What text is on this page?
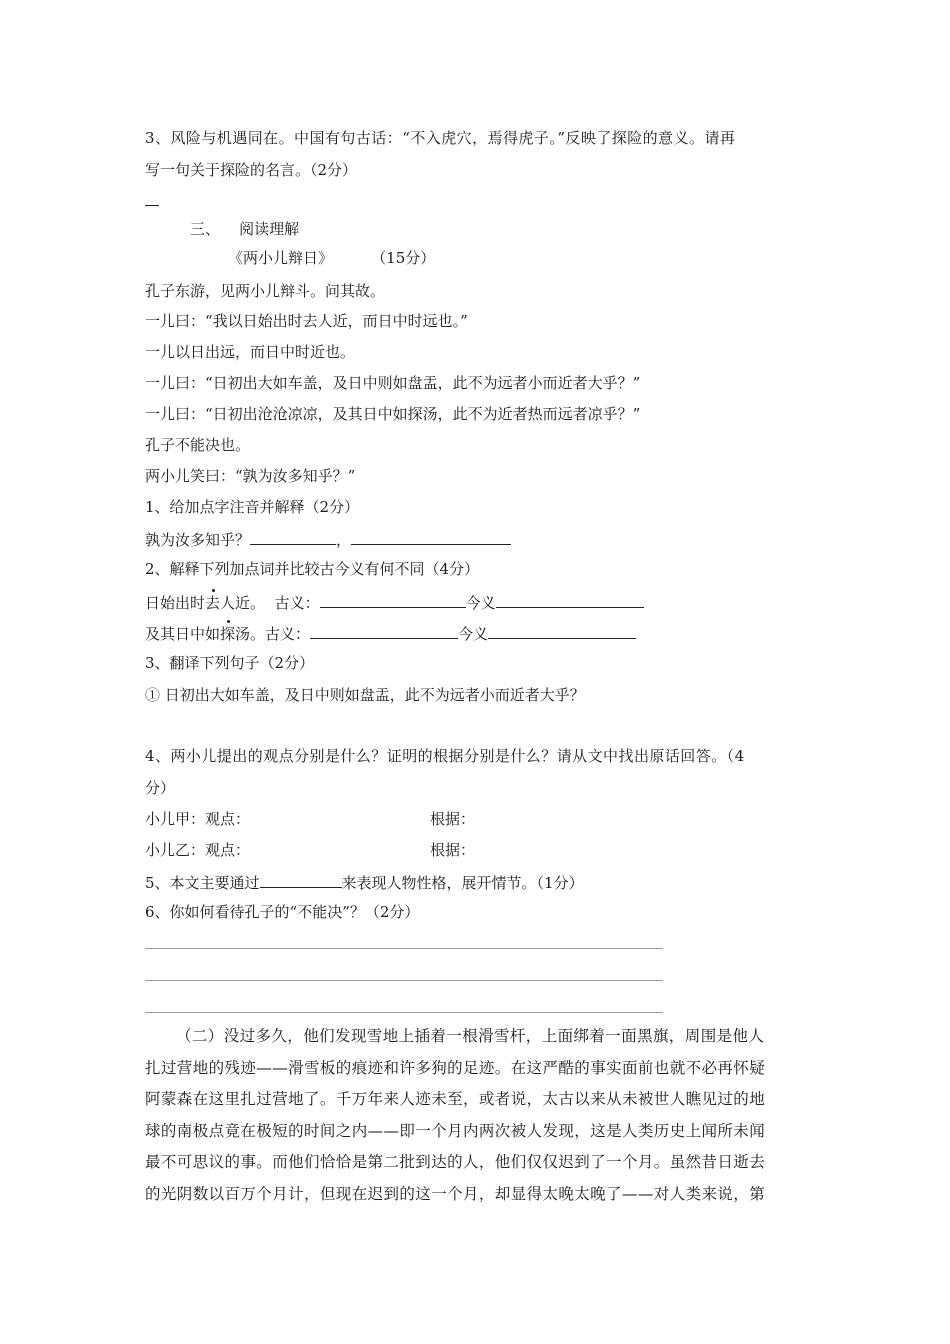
3、风险与机遇同在。中国有句古话：“不入虎穴，焉得虎子。”反映了探险的意义。请再
写一句关于探险的名言。（2分）
三、    阅读理解
《两小儿辩日》        （15分）
孔子东游，见两小儿辩斗。问其故。
一儿曰：“我以日始出时去人近，而日中时远也。”
一儿以日出远，而日中时近也。
一儿曰：“日初出大如车盖，及日中则如盘盂，此不为远者小而近者大乎？”
一儿曰：“日初出沧沧凉凉，及其日中如探汤，此不为近者热而远者凉乎？”
孔子不能决也。
两小儿笑曰：“孰为汝多知乎？”
1、给加点字注音并解释（2分）
孰为汝多知乎？	，
2、解释下列加点词并比较古今义有何不同（4分）
日始出时去人近。  古义：	今义
及其日中如探汤。古义：	今义
3、翻译下列句子（2分）
① 日初出大如车盖，及日中则如盘盂，此不为远者小而近者大乎？
4、两小儿提出的观点分别是什么？证明的根据分别是什么？请从文中找出原话回答。（4
分）
小儿甲：观点：	根据：
小儿乙：观点：	根据：
5、本文主要通过	来表现人物性格，展开情节。（1分）
6、你如何看待孔子的“不能决”？（2分）
（二）没过多久，他们发现雪地上插着一根滑雪杆，上面绑着一面黑旗，周围是他人
扎过营地的残迹——滑雪板的痕迹和许多狗的足迹。在这严酷的事实面前也就不必再怀疑
阿蒙森在这里扎过营地了。千万年来人迹未至，或者说，太古以来从未被世人瞧见过的地
球的南极点竟在极短的时间之内——即一个月内两次被人发现，这是人类历史上闻所未闻
最不可思议的事。而他们恰恰是第二批到达的人，他们仅仅迟到了一个月。虽然昔日逝去
的光阴数以百万个月计，但现在迟到的这一个月，却显得太晚太晚了——对人类来说，第
